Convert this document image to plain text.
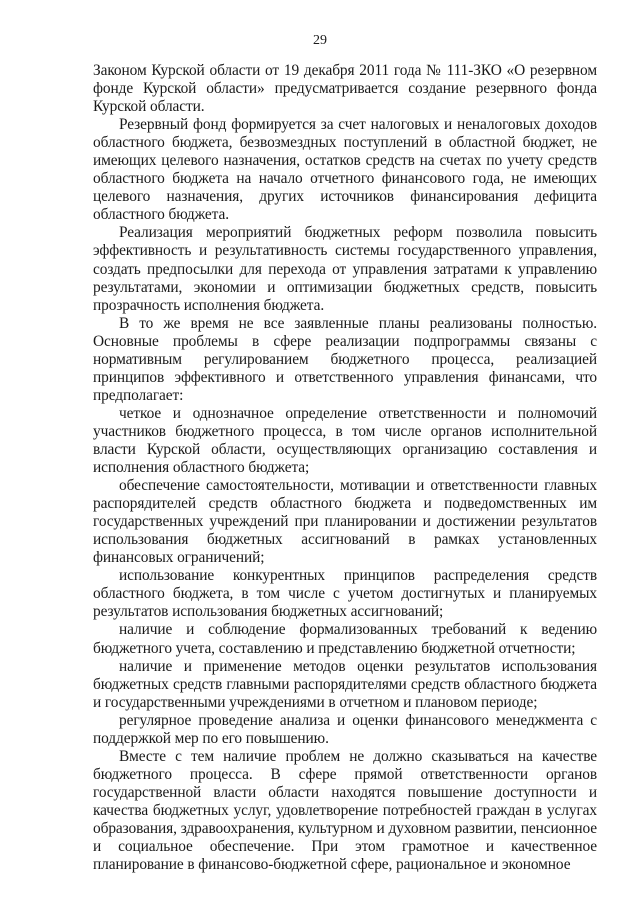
29

Законом Курской области от 19 декабря 2011 года № 111-ЗКО «О резервном фонде Курской области» предусматривается создание резервного фонда Курской области.

Резервный фонд формируется за счет налоговых и неналоговых доходов областного бюджета, безвозмездных поступлений в областной бюджет, не имеющих целевого назначения, остатков средств на счетах по учету средств областного бюджета на начало отчетного финансового года, не имеющих целевого назначения, других источников финансирования дефицита областного бюджета.

Реализация мероприятий бюджетных реформ позволила повысить эффективность и результативность системы государственного управления, создать предпосылки для перехода от управления затратами к управлению результатами, экономии и оптимизации бюджетных средств, повысить прозрачность исполнения бюджета.

В то же время не все заявленные планы реализованы полностью. Основные проблемы в сфере реализации подпрограммы связаны с нормативным регулированием бюджетного процесса, реализацией принципов эффективного и ответственного управления финансами, что предполагает:

четкое и однозначное определение ответственности и полномочий участников бюджетного процесса, в том числе органов исполнительной власти Курской области, осуществляющих организацию составления и исполнения областного бюджета;

обеспечение самостоятельности, мотивации и ответственности главных распорядителей средств областного бюджета и подведомственных им государственных учреждений при планировании и достижении результатов использования бюджетных ассигнований в рамках установленных финансовых ограничений;

использование конкурентных принципов распределения средств областного бюджета, в том числе с учетом достигнутых и планируемых результатов использования бюджетных ассигнований;

наличие и соблюдение формализованных требований к ведению бюджетного учета, составлению и представлению бюджетной отчетности;

наличие и применение методов оценки результатов использования бюджетных средств главными распорядителями средств областного бюджета и государственными учреждениями в отчетном и плановом периоде;

регулярное проведение анализа и оценки финансового менеджмента с поддержкой мер по его повышению.

Вместе с тем наличие проблем не должно сказываться на качестве бюджетного процесса. В сфере прямой ответственности органов государственной власти области находятся повышение доступности и качества бюджетных услуг, удовлетворение потребностей граждан в услугах образования, здравоохранения, культурном и духовном развитии, пенсионное и социальное обеспечение. При этом грамотное и качественное планирование в финансово-бюджетной сфере, рациональное и экономное
